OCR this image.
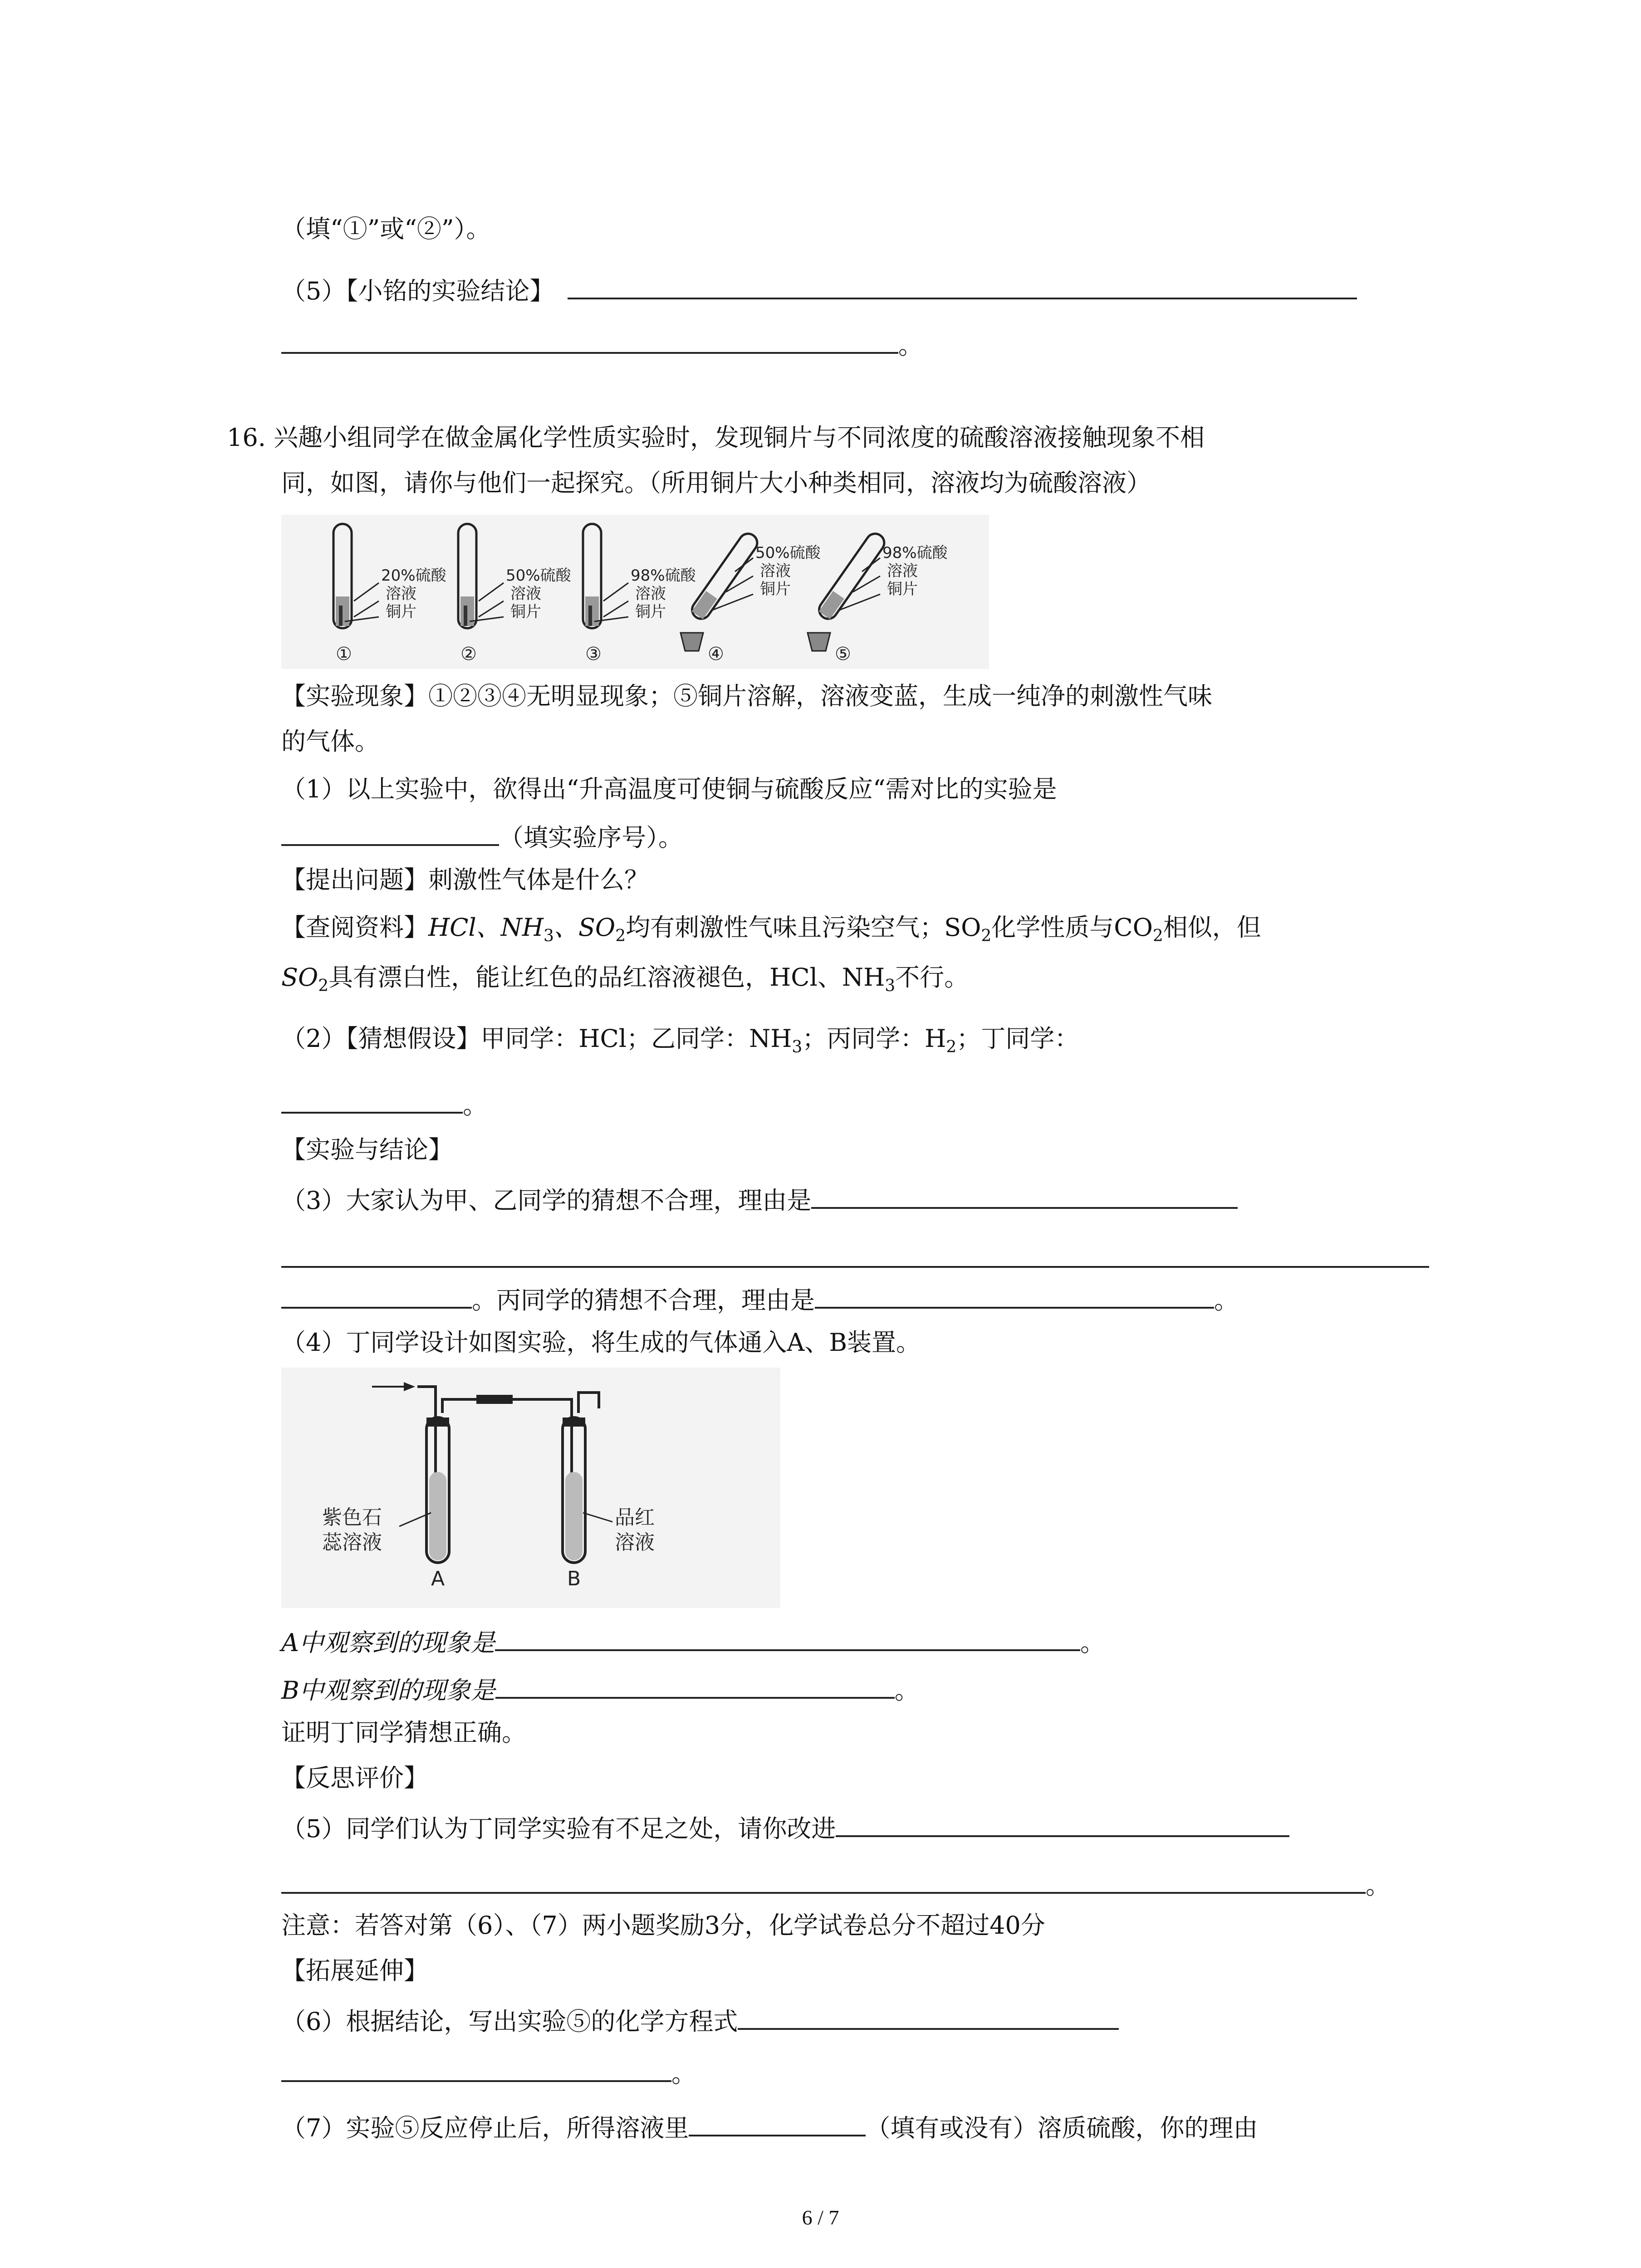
（填“①”或“②”）。
（5）【小铭的实验结论】
。
16. 兴趣小组同学在做金属化学性质实验时，发现铜片与不同浓度的硫酸溶液接触现象不相
同，如图，请你与他们一起探究。（所用铜片大小种类相同，溶液均为硫酸溶液）
20%硫酸
溶液
铜片
①
50%硫酸
溶液
铜片
②
98%硫酸
溶液
铜片
③
50%硫酸
溶液
铜片
④
98%硫酸
溶液
铜片
⑤
【实验现象】①②③④无明显现象；⑤铜片溶解，溶液变蓝，生成一纯净的刺激性气味
的气体。
（1）以上实验中，欲得出“升高温度可使铜与硫酸反应“需对比的实验是
（填实验序号）。
【提出问题】刺激性气体是什么？
【查阅资料】HCl、$NH_3$、$SO_2$均有刺激性气味且污染空气；$SO_2$化学性质与$CO_2$相似，但
$SO_2$具有漂白性，能让红色的品红溶液褪色，HCl、$NH_3$不行。
（2）【猜想假设】甲同学：HCl；乙同学：$NH_3$；丙同学：$H_2$；丁同学：
。
【实验与结论】
（3）大家认为甲、乙同学的猜想不合理，理由是
。丙同学的猜想不合理，理由是	。
（4）丁同学设计如图实验，将生成的气体通入A、B装置。
紫色石
蕊溶液
品红
溶液
A	B
A中观察到的现象是	。
B中观察到的现象是	。
证明丁同学猜想正确。
【反思评价】
（5）同学们认为丁同学实验有不足之处，请你改进
。
注意：若答对第（6）、（7）两小题奖励3分，化学试卷总分不超过40分
【拓展延伸】
（6）根据结论，写出实验⑤的化学方程式
。
（7）实验⑤反应停止后，所得溶液里	（填有或没有）溶质硫酸，你的理由
6 / 7
